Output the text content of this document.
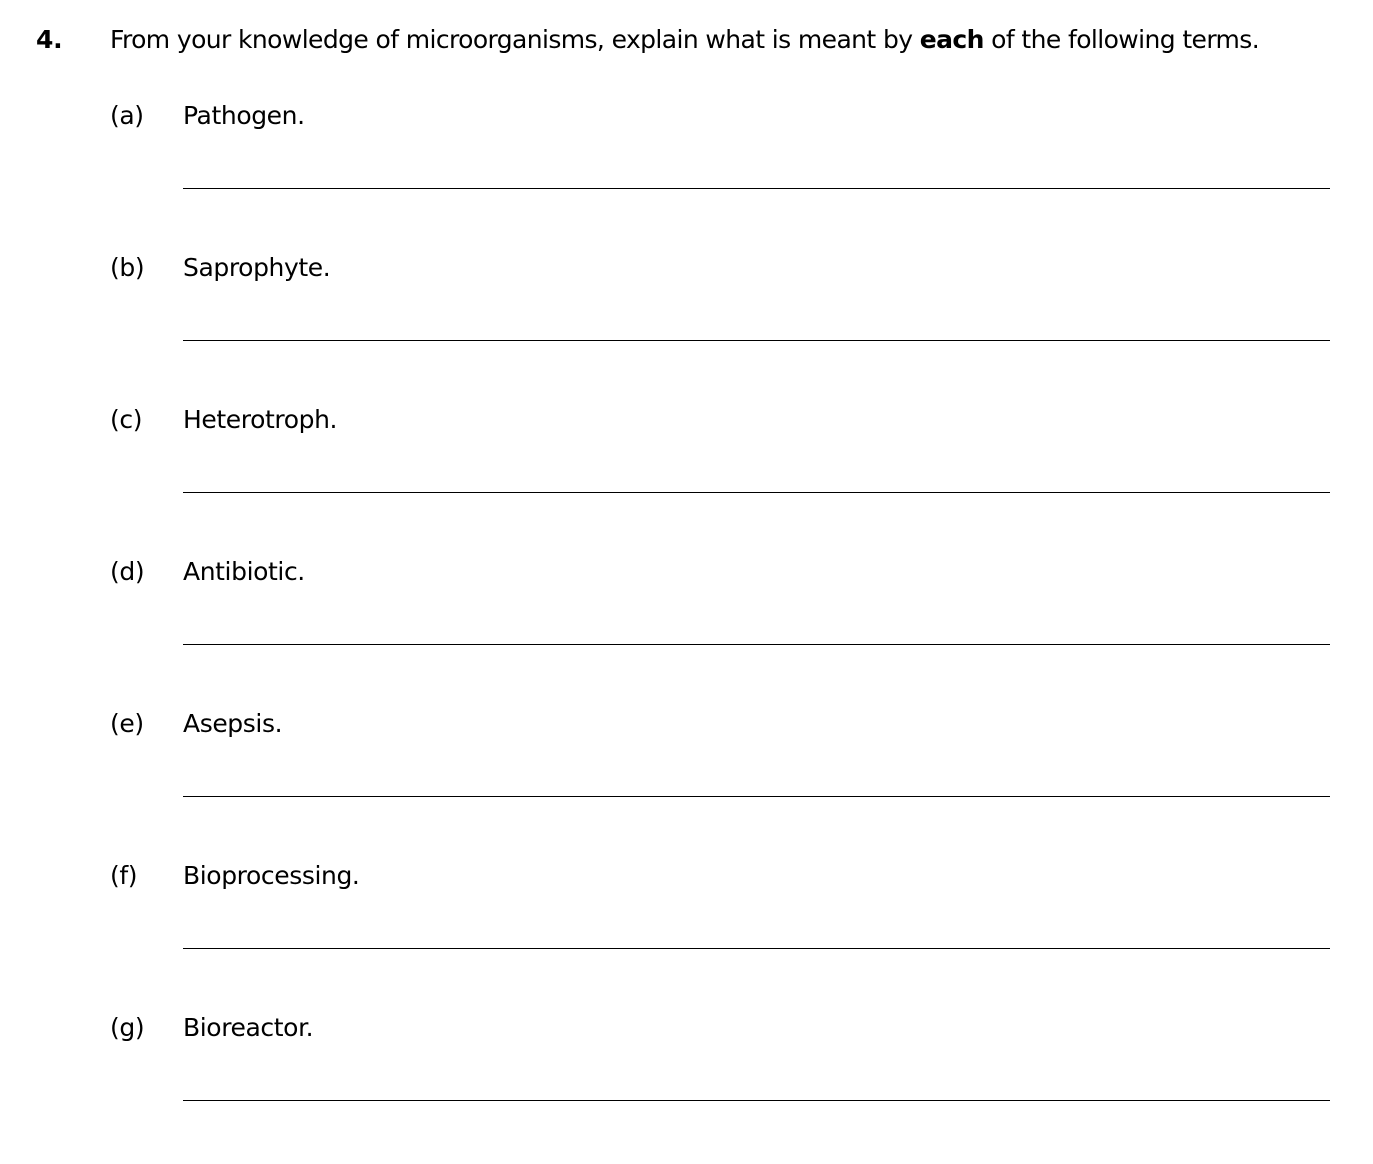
4. From your knowledge of microorganisms, explain what is meant by each of the following terms.
(a) Pathogen.
(b) Saprophyte.
(c) Heterotroph.
(d) Antibiotic.
(e) Asepsis.
(f) Bioprocessing.
(g) Bioreactor.
